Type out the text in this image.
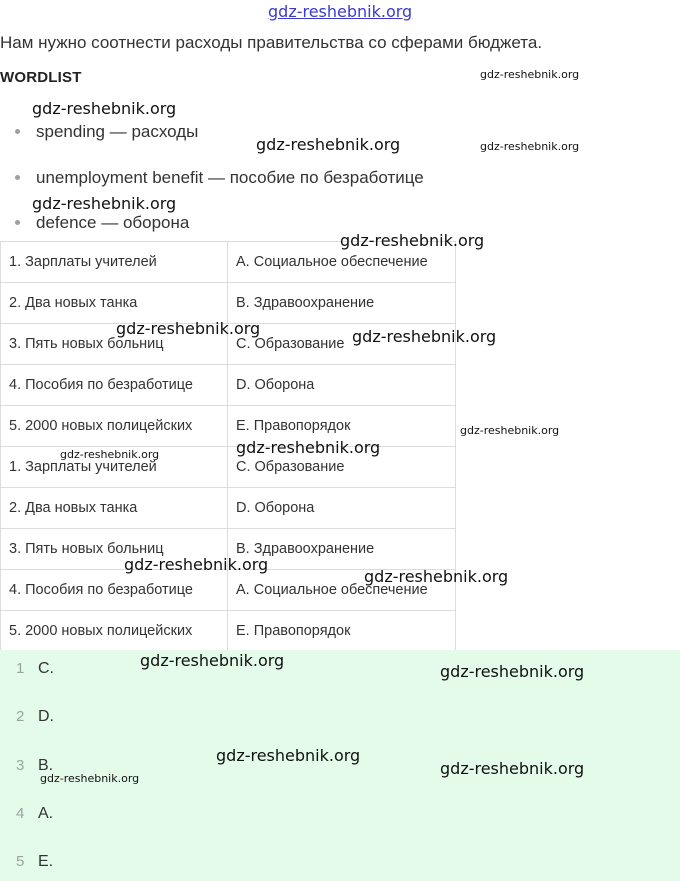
gdz-reshebnik.org
Нам нужно соотнести расходы правительства со сферами бюджета.
WORDLIST
spending — расходы
unemployment benefit — пособие по безработице
defence — оборона
1. Зарплаты учителей	A. Социальное обеспечение
2. Два новых танка	B. Здравоохранение
3. Пять новых больниц	C. Образование
4. Пособия по безработице	D. Оборона
5. 2000 новых полицейских	E. Правопорядок
1. Зарплаты учителей	C. Образование
2. Два новых танка	D. Оборона
3. Пять новых больниц	B. Здравоохранение
4. Пособия по безработице	A. Социальное обеспечение
5. 2000 новых полицейских	E. Правопорядок
1 C.
2 D.
3 B.
4 A.
5 E.
gdz-reshebnik.org
gdz-reshebnik.org
gdz-reshebnik.org	gdz-reshebnik.org
gdz-reshebnik.org
gdz-reshebnik.org
gdz-reshebnik.org	gdz-reshebnik.org
gdz-reshebnik.org
gdz-reshebnik.org
gdz-reshebnik.org
gdz-reshebnik.org
gdz-reshebnik.org
gdz-reshebnik.org
gdz-reshebnik.org
gdz-reshebnik.org
gdz-reshebnik.org
gdz-reshebnik.org
